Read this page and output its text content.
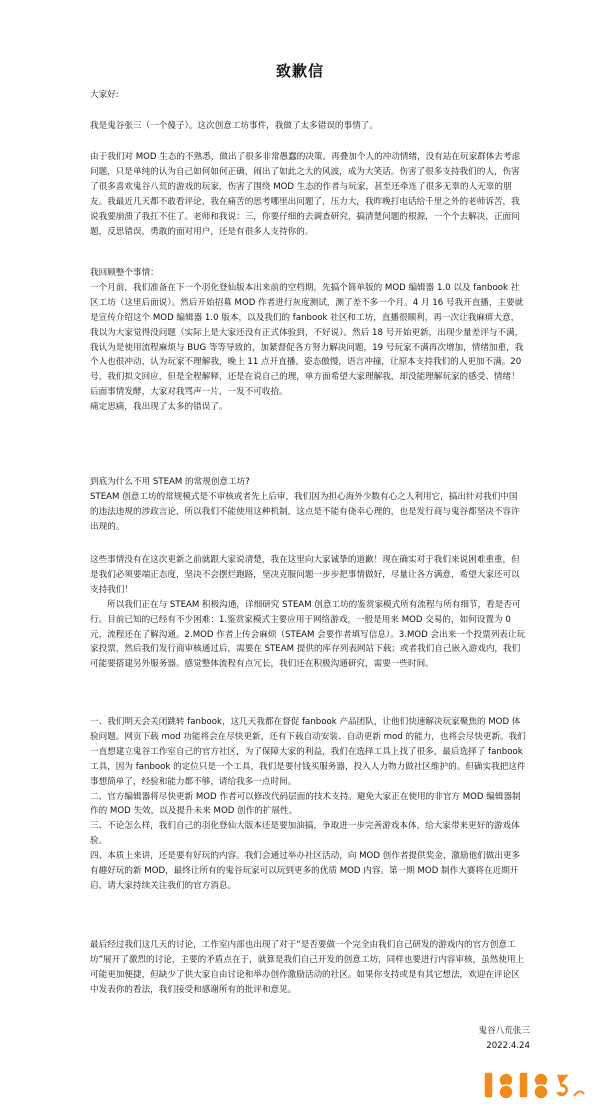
致歉信

大家好:

我是鬼谷张三（一个傻子）。这次创意工坊事件，我做了太多错误的事情了。

由于我们对 MOD 生态的不熟悉，做出了很多非常愚蠢的决策。再叠加个人的冲动情绪，没有站在玩家群体去考虑问题，只是单纯的认为自己如何如何正确，闹出了如此之大的风波，成为大笑话。伤害了很多支持我们的人，伤害了很多喜欢鬼谷八荒的游戏的玩家，伤害了围绕 MOD 生态的作者与玩家，甚至还牵连了很多无辜的人无辜的朋友。我最近几天都不敢看评论，我在痛苦的思考哪里出问题了，压力大，我昨晚打电话给千里之外的老师诉苦，我说我要崩溃了我扛不住了。老师和我说：三，你要仔细的去调查研究，搞清楚问题的根源，一个个去解决，正面问题，反思错误，勇敢的面对用户，还是有很多人支持你的。

我回顾整个事情：

一个月前，我们准备在下一个羽化登仙版本出来前的空档期，先搞个简单版的 MOD 编辑器 1.0 以及 fanbook 社区工坊（这里后面说）。然后开始招募 MOD 作者进行灰度测试，测了差不多一个月。4 月 16 号我开直播，主要就是宣传介绍这个 MOD 编辑器 1.0 版本，以及我们的 fanbook 社区和工坊，直播很顺利，再一次让我麻痹大意，我以为大家觉得没问题（实际上是大家还没有正式体验到，不好说）。然后 18 号开始更新，出现少量差评与不满，我认为是使用流程麻烦与 BUG 等等导致的，加紧督促各方努力解决问题，19 号玩家不满再次增加，情绪加重，我个人也很冲动，认为玩家不理解我，晚上 11 点开直播，姿态傲慢，语言冲撞，让原本支持我们的人更加不满。20 号，我们拟文回应，但是全程解释，还是在说自己的理，单方面希望大家理解我，却没能理解玩家的感受、情绪！后面事情发酵，大家对我骂声一片，一发不可收拾。

痛定思痛，我出现了太多的错误了。

到底为什么不用 STEAM 的常规创意工坊?

STEAM 创意工坊的常规模式是不审核或者先上后审，我们因为担心海外少数有心之人利用它，搞出针对我们中国的违法违规的涉政言论，所以我们不能使用这种机制，这点是不能有侥幸心理的，也是发行商与鬼谷都坚决不容许出现的。

这些事情没有在这次更新之前就跟大家说清楚，我在这里向大家诚挚的道歉！现在确实对于我们来说困难重重，但是我们必须要端正态度，坚决不会摆烂跑路，坚决克服问题一步步把事情做好，尽量让各方满意，希望大家还可以支持我们！

所以我们正在与 STEAM 积极沟通，详细研究 STEAM 创意工坊的鉴赏家模式所有流程与所有细节，看是否可行。目前已知的已经有不少困难：1.鉴赏家模式主要应用于网络游戏，一般是用来 MOD 交易的，如何设置为 0 元，流程还在了解沟通。2.MOD 作者上传会麻烦（STEAM 会要作者填写信息）。3.MOD 会出来一个投票列表让玩家投票，然后我们发行商审核通过后，需要在 STEAM 提供的库存列表网站下载；或者我们自己嵌入游戏内，我们可能要搭建另外服务器。感觉整体流程有点冗长，我们还在积极沟通研究，需要一些时间。

一、我们明天会关闭跳转 fanbook，这几天我都在督促 fanbook 产品团队，让他们快速解决玩家聚焦的 MOD 体验问题。网页下载 mod 功能将会在尽快更新，还有下载自动安装、自动更新 mod 的能力，也将会尽快更新。我们一直想建立鬼谷工作室自己的官方社区，为了保障大家的利益，我们在选择工具上找了很多，最后选择了 fanbook 工具，因为 fanbook 的定位只是一个工具，我们是要付钱买服务器，投入人力物力做社区维护的。但确实我把这件事想简单了，经验和能力都不够，请给我多一点时间。

二、官方编辑器将尽快更新 MOD 作者可以修改代码层面的技术支持。避免大家正在使用的非官方 MOD 编辑器制作的 MOD 失效，以及提升未来 MOD 创作的扩展性。

三、不论怎么样，我们自己的羽化登仙大版本还是要加油搞，争取进一步完善游戏本体，给大家带来更好的游戏体验。

四、本质上来讲，还是要有好玩的内容。我们会通过举办社区活动，向 MOD 创作者提供奖金，激励他们做出更多有趣好玩的新 MOD，最终让所有的鬼谷玩家可以玩到更多的优质 MOD 内容。第一期 MOD 制作大赛将在近期开启，请大家持续关注我们的官方消息。

最后经过我们这几天的讨论，工作室内部也出现了对于“是否要做一个完全由我们自己研发的游戏内的官方创意工坊”展开了激烈的讨论，主要的矛盾点在于，就算是我们自己开发的创意工坊，同样也要进行内容审核，虽然使用上可能更加便捷，但缺少了供大家自由讨论和举办创作激励活动的社区。如果你支持或是有其它想法，欢迎在评论区中发表你的看法，我们接受和感谢所有的批评和意见。

鬼谷八荒张三
2022.4.24
